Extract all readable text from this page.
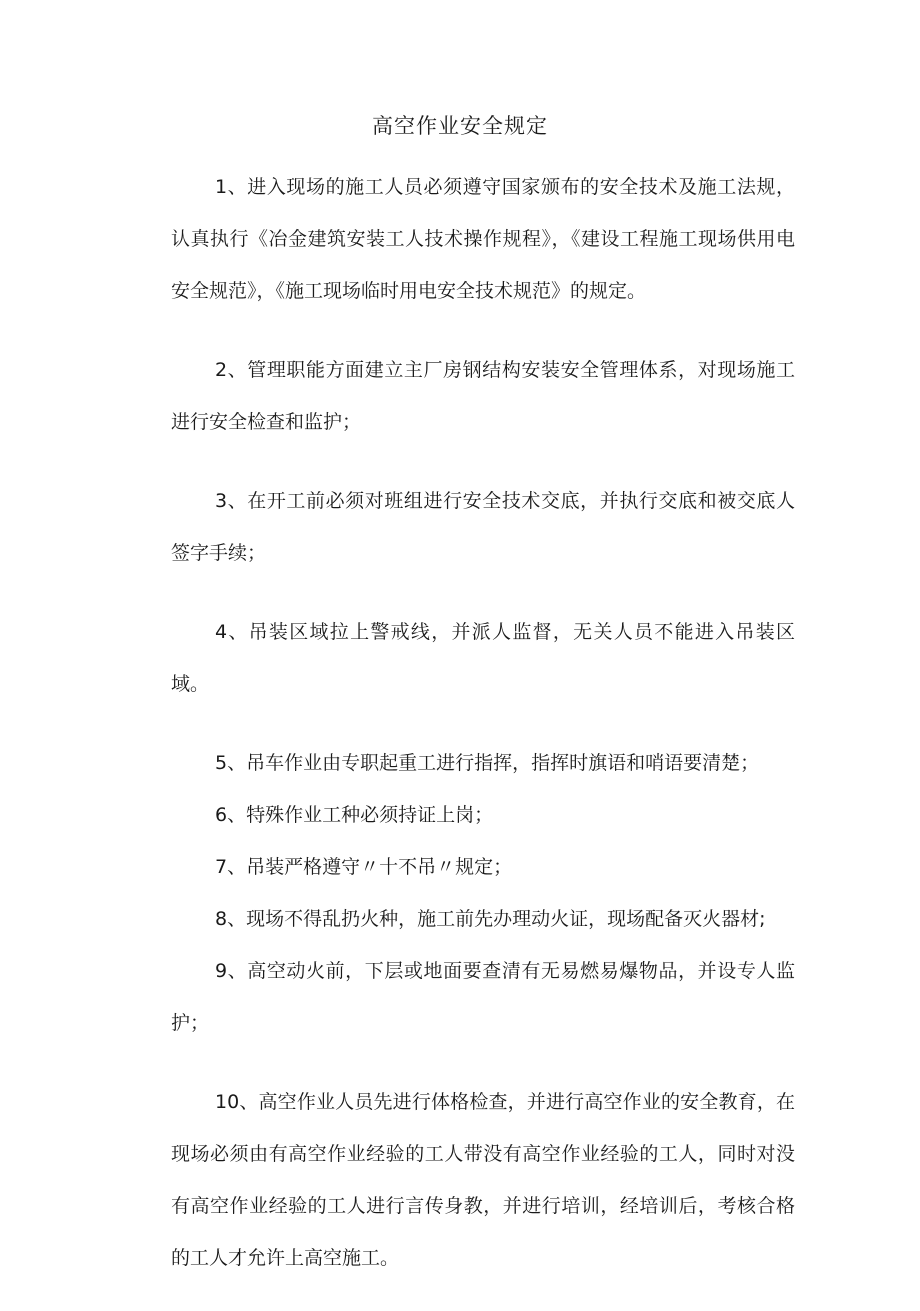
高空作业安全规定

1、进入现场的施工人员必须遵守国家颁布的安全技术及施工法规，认真执行《冶金建筑安装工人技术操作规程》，《建设工程施工现场供用电安全规范》，《施工现场临时用电安全技术规范》的规定。

2、管理职能方面建立主厂房钢结构安装安全管理体系，对现场施工进行安全检查和监护；

3、在开工前必须对班组进行安全技术交底，并执行交底和被交底人签字手续；

4、吊装区域拉上警戒线，并派人监督，无关人员不能进入吊装区域。

5、吊车作业由专职起重工进行指挥，指挥时旗语和哨语要清楚；

6、特殊作业工种必须持证上岗；

7、吊装严格遵守〃十不吊〃规定；

8、现场不得乱扔火种，施工前先办理动火证，现场配备灭火器材;

9、高空动火前，下层或地面要查清有无易燃易爆物品，并设专人监护；

10、高空作业人员先进行体格检查，并进行高空作业的安全教育，在现场必须由有高空作业经验的工人带没有高空作业经验的工人，同时对没有高空作业经验的工人进行言传身教，并进行培训，经培训后，考核合格的工人才允许上高空施工。
